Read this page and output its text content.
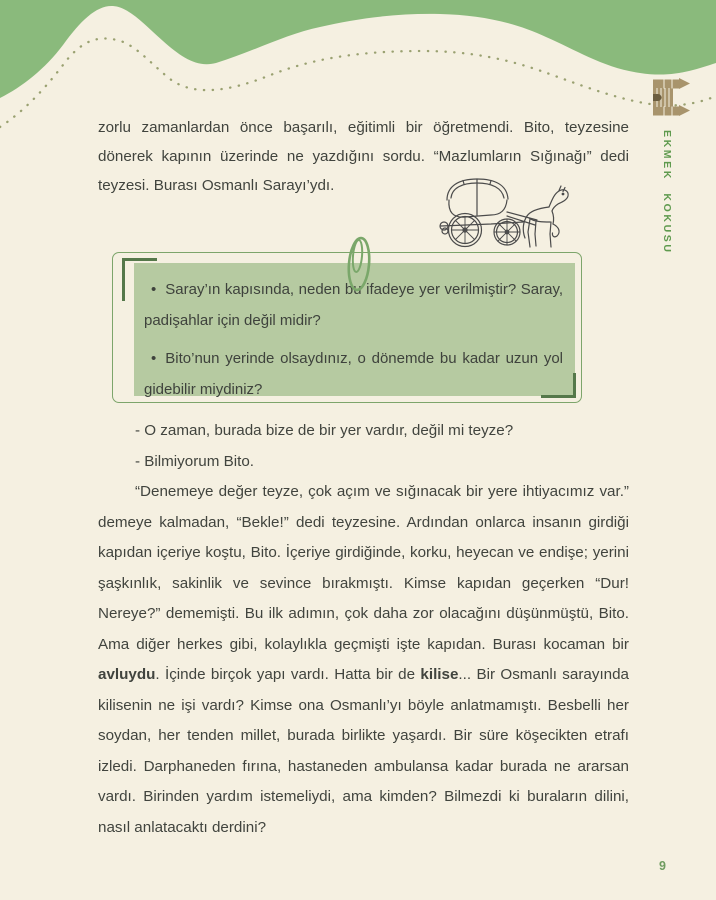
EKMEK KOKUSU

zorlu zamanlardan önce başarılı, eğitimli bir öğretmendi. Bito, teyzesine dönerek kapının üzerinde ne yazdığını sordu. “Mazlumların Sığınağı” dedi teyzesi. Burası Osmanlı Sarayı’ydı.

• Saray’ın kapısında, neden bu ifadeye yer verilmiştir? Saray, padişahlar için değil midir?

• Bito’nun yerinde olsaydınız, o dönemde bu kadar uzun yol gidebilir miydiniz?

- O zaman, burada bize de bir yer vardır, değil mi teyze?

- Bilmiyorum Bito.

“Denemeye değer teyze, çok açım ve sığınacak bir yere ihtiyacımız var.” demeye kalmadan, “Bekle!” dedi teyzesine. Ardından onlarca insanın girdiği kapıdan içeriye koştu, Bito. İçeriye girdiğinde, korku, heyecan ve endişe; yerini şaşkınlık, sakinlik ve sevince bırakmıştı. Kimse kapıdan geçerken “Dur! Nereye?” dememişti. Bu ilk adımın, çok daha zor olacağını düşünmüştü, Bito. Ama diğer herkes gibi, kolaylıkla geçmişti işte kapıdan. Burası kocaman bir avluydu. İçinde birçok yapı vardı. Hatta bir de kilise... Bir Osmanlı sarayında kilisenin ne işi vardı? Kimse ona Osmanlı’yı böyle anlatmamıştı. Besbelli her soydan, her tenden millet, burada birlikte yaşardı. Bir süre köşecikten etrafı izledi. Darphaneden fırına, hastaneden ambulansa kadar burada ne ararsan vardı. Birinden yardım istemeliydi, ama kimden? Bilmezdi ki buraların dilini, nasıl anlatacaktı derdini?

9
